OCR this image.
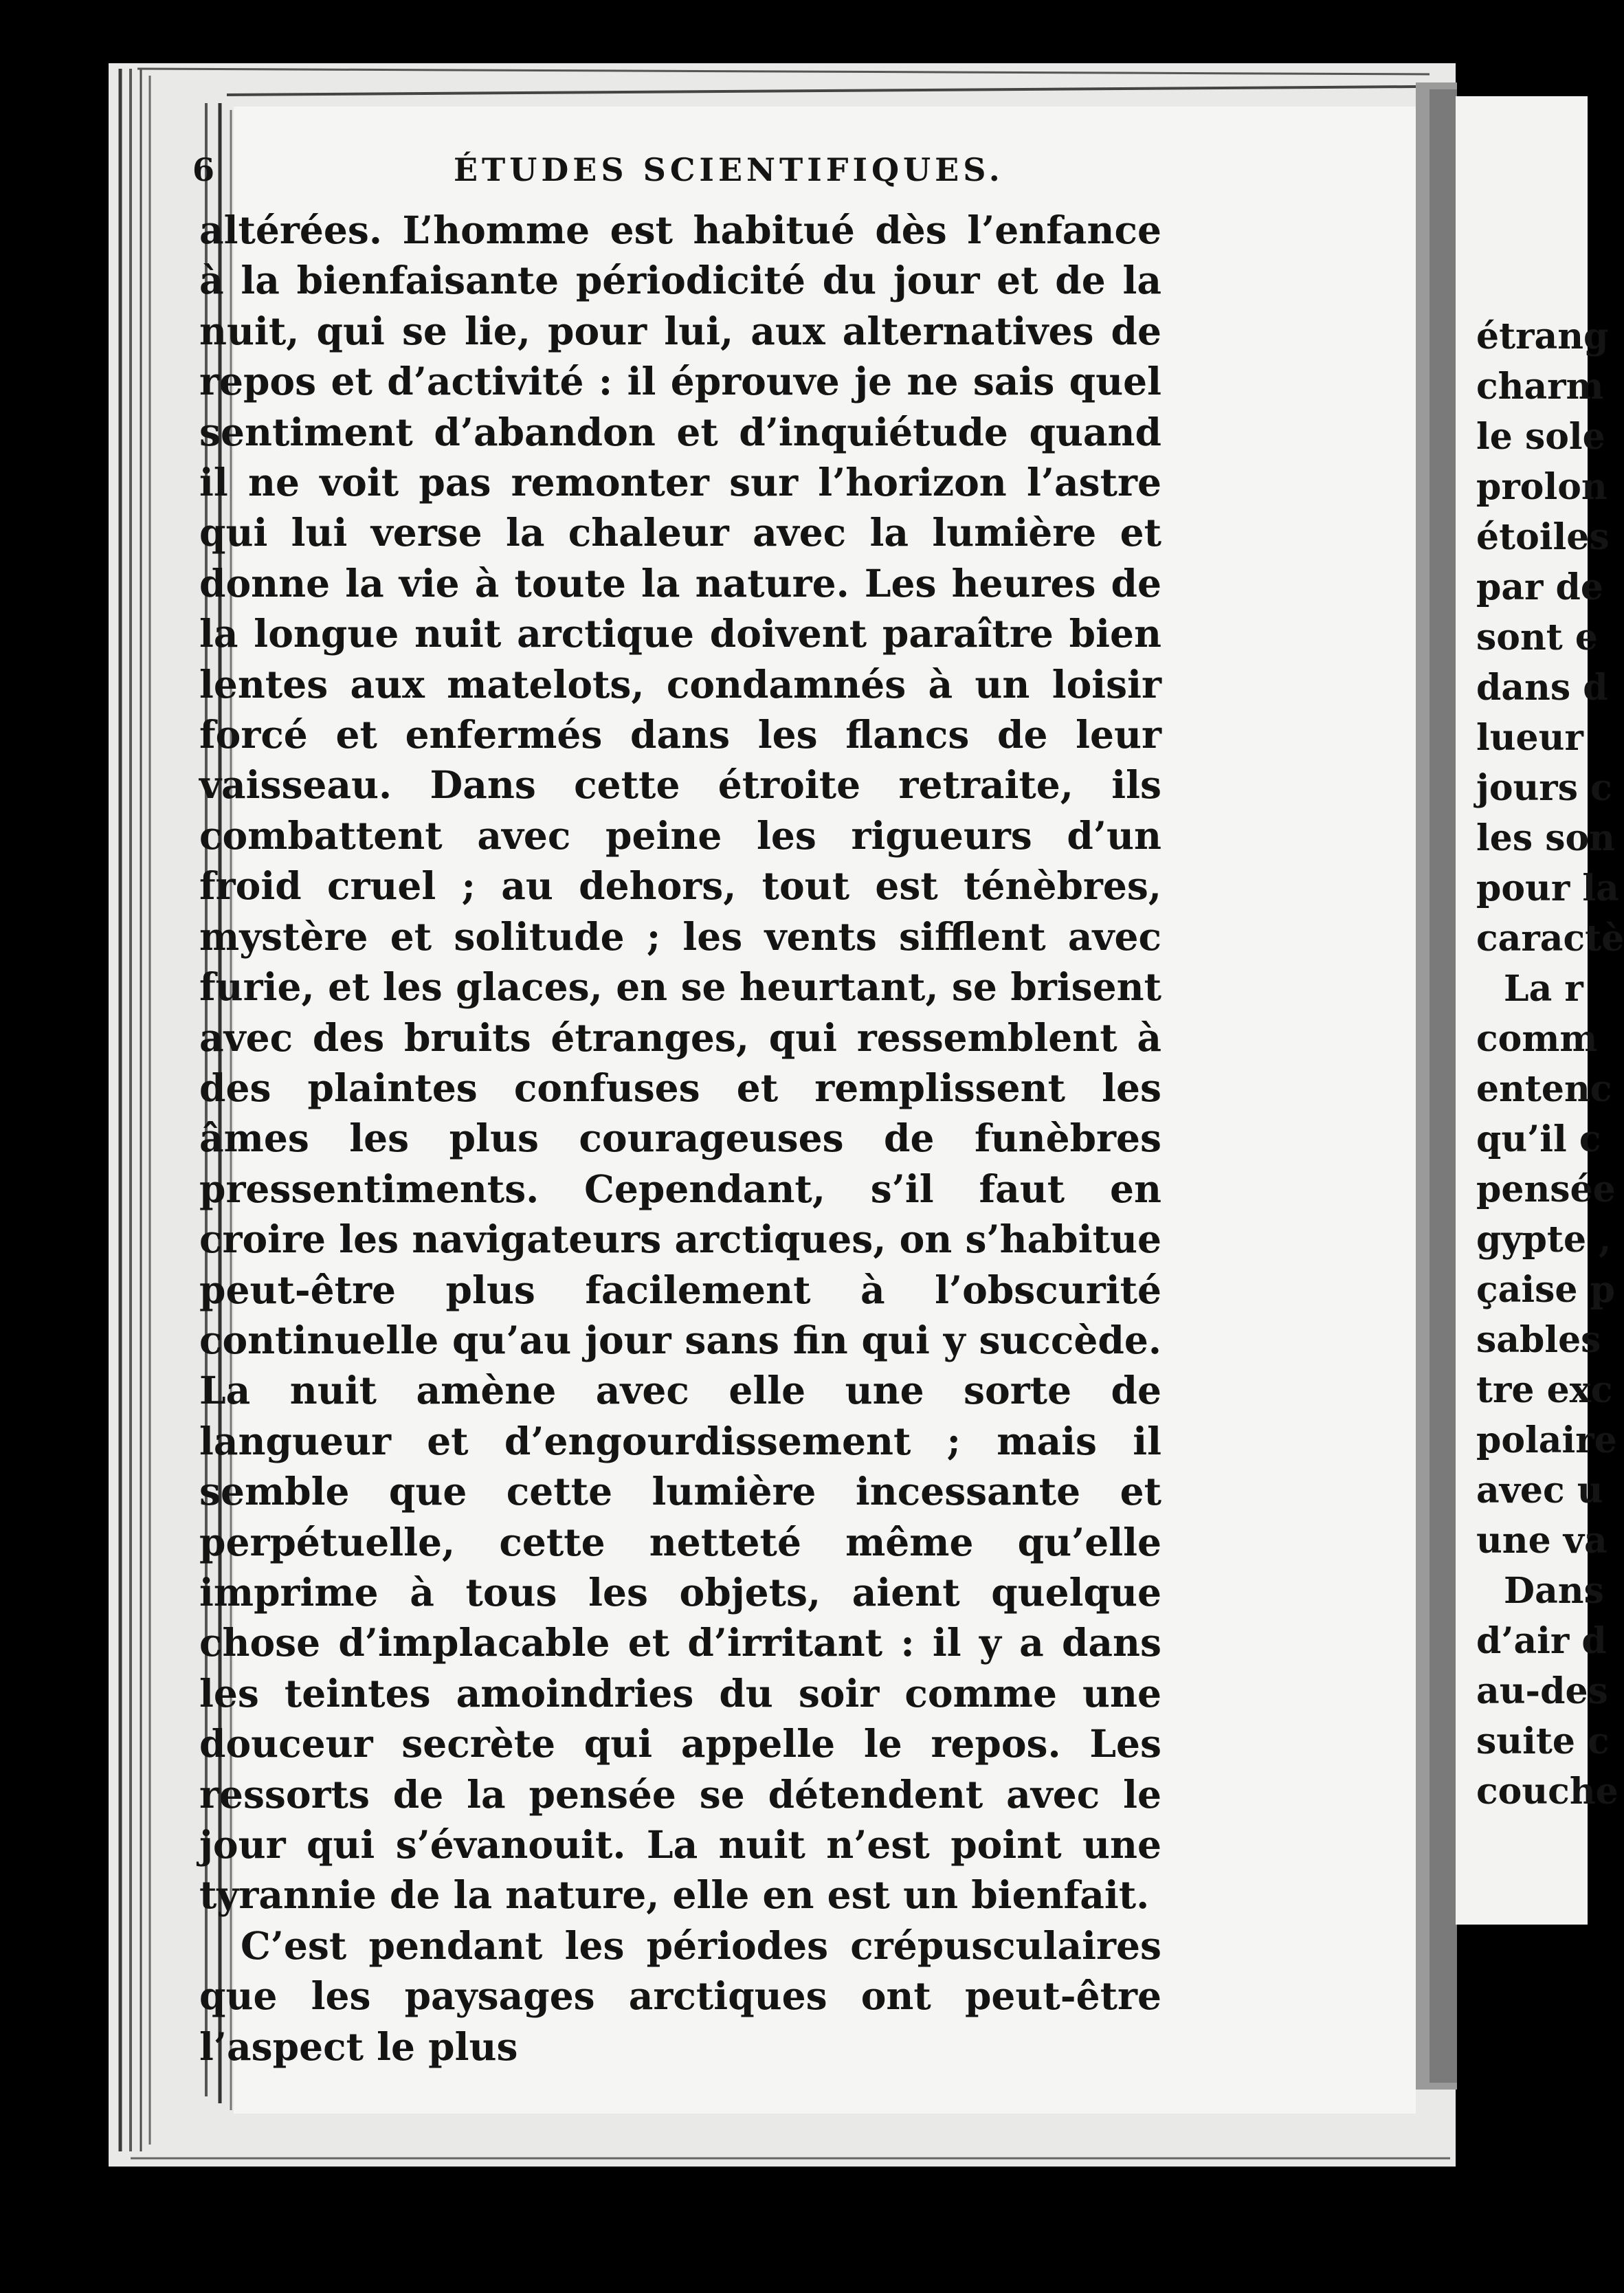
6	ÉTUDES SCIENTIFIQUES.

altérées. L’homme est habitué dès l’enfance à la bienfaisante périodicité du jour et de la nuit, qui se lie, pour lui, aux alternatives de repos et d’activité : il éprouve je ne sais quel sentiment d’abandon et d’inquiétude quand il ne voit pas remonter sur l’horizon l’astre qui lui verse la chaleur avec la lumière et donne la vie à toute la nature. Les heures de la longue nuit arctique doivent paraître bien lentes aux matelots, condamnés à un loisir forcé et enfermés dans les flancs de leur vaisseau. Dans cette étroite retraite, ils combattent avec peine les rigueurs d’un froid cruel ; au dehors, tout est ténèbres, mystère et solitude ; les vents sifflent avec furie, et les glaces, en se heurtant, se brisent avec des bruits étranges, qui ressemblent à des plaintes confuses et remplissent les âmes les plus courageuses de funèbres pressentiments. Cependant, s’il faut en croire les navigateurs arctiques, on s’habitue peut-être plus facilement à l’obscurité continuelle qu’au jour sans fin qui y succède. La nuit amène avec elle une sorte de langueur et d’engourdissement ; mais il semble que cette lumière incessante et perpétuelle, cette netteté même qu’elle imprime à tous les objets, aient quelque chose d’implacable et d’irritant : il y a dans les teintes amoindries du soir comme une douceur secrète qui appelle le repos. Les ressorts de la pensée se détendent avec le jour qui s’évanouit. La nuit n’est point une tyrannie de la nature, elle en est un bienfait.

C’est pendant les périodes crépusculaires que les paysages arctiques ont peut-être l’aspect le plus

étrang
charm
le sole
prolon
étoiles
par de
sont e
dans d
lueur
jours c
les son
pour la
caractè
La r
comm
entenc
qu’il c
pensée
gypte ,
çaise p
sables
tre exc
polaire
avec u
une va
Dans
d’air d
au-des
suite c
couche
